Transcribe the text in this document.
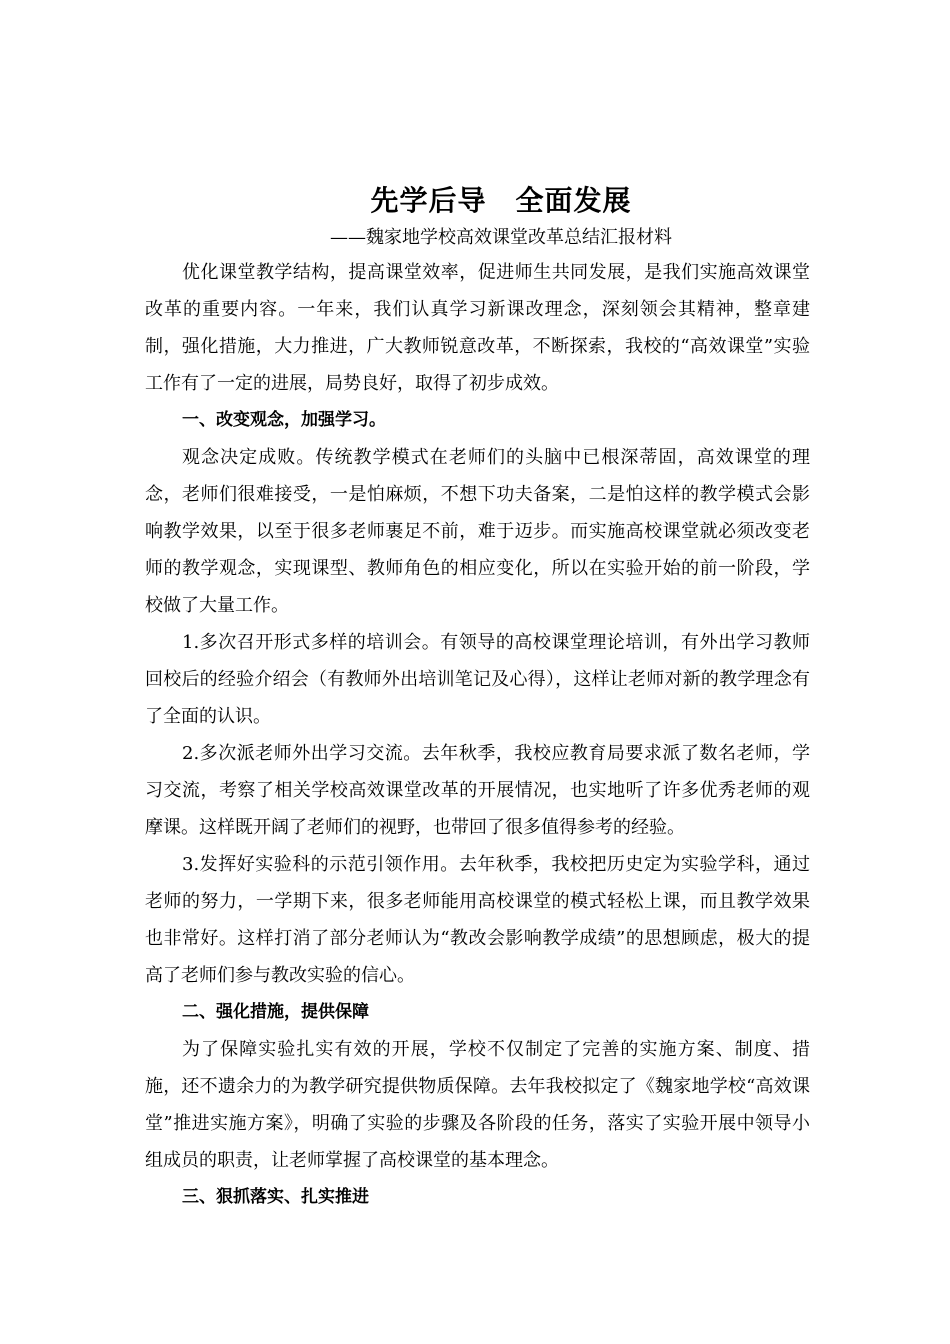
先学后导　全面发展
——魏家地学校高效课堂改革总结汇报材料

优化课堂教学结构，提高课堂效率，促进师生共同发展，是我们实施高效课堂改革的重要内容。一年来，我们认真学习新课改理念，深刻领会其精神，整章建制，强化措施，大力推进，广大教师锐意改革，不断探索，我校的“高效课堂”实验工作有了一定的进展，局势良好，取得了初步成效。

一、改变观念，加强学习。

观念决定成败。传统教学模式在老师们的头脑中已根深蒂固，高效课堂的理念，老师们很难接受，一是怕麻烦，不想下功夫备案，二是怕这样的教学模式会影响教学效果，以至于很多老师裹足不前，难于迈步。而实施高校课堂就必须改变老师的教学观念，实现课型、教师角色的相应变化，所以在实验开始的前一阶段，学校做了大量工作。

1.多次召开形式多样的培训会。有领导的高校课堂理论培训，有外出学习教师回校后的经验介绍会（有教师外出培训笔记及心得），这样让老师对新的教学理念有了全面的认识。

2.多次派老师外出学习交流。去年秋季，我校应教育局要求派了数名老师，学习交流，考察了相关学校高效课堂改革的开展情况，也实地听了许多优秀老师的观摩课。这样既开阔了老师们的视野，也带回了很多值得参考的经验。

3.发挥好实验科的示范引领作用。去年秋季，我校把历史定为实验学科，通过老师的努力，一学期下来，很多老师能用高校课堂的模式轻松上课，而且教学效果也非常好。这样打消了部分老师认为“教改会影响教学成绩”的思想顾虑，极大的提高了老师们参与教改实验的信心。

二、强化措施，提供保障

为了保障实验扎实有效的开展，学校不仅制定了完善的实施方案、制度、措施，还不遗余力的为教学研究提供物质保障。去年我校拟定了《魏家地学校“高效课堂”推进实施方案》，明确了实验的步骤及各阶段的任务，落实了实验开展中领导小组成员的职责，让老师掌握了高校课堂的基本理念。

三、狠抓落实、扎实推进
